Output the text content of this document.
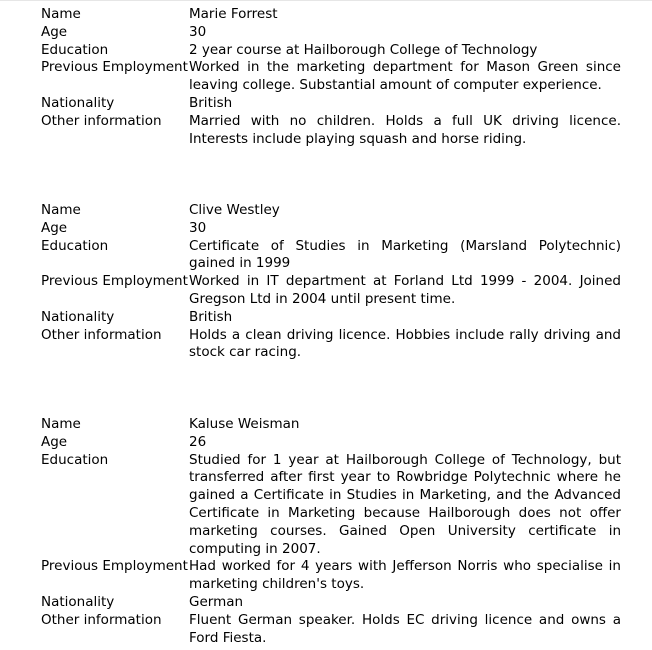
Name	Marie Forrest
Age	30
Education	2 year course at Hailborough College of Technology
Previous Employment Worked in the marketing department for Mason Green since leaving college. Substantial amount of computer experience.
Nationality	British
Other information	Married with no children. Holds a full UK driving licence. Interests include playing squash and horse riding.
Name	Clive Westley
Age	30
Education	Certificate of Studies in Marketing (Marsland Polytechnic) gained in 1999
Previous Employment Worked in IT department at Forland Ltd 1999 - 2004. Joined Gregson Ltd in 2004 until present time.
Nationality	British
Other information	Holds a clean driving licence. Hobbies include rally driving and stock car racing.
Name	Kaluse Weisman
Age	26
Education	Studied for 1 year at Hailborough College of Technology, but transferred after first year to Rowbridge Polytechnic where he gained a Certificate in Studies in Marketing, and the Advanced Certificate in Marketing because Hailborough does not offer marketing courses. Gained Open University certificate in computing in 2007.
Previous Employment Had worked for 4 years with Jefferson Norris who specialise in marketing children's toys.
Nationality	German
Other information	Fluent German speaker. Holds EC driving licence and owns a Ford Fiesta.
